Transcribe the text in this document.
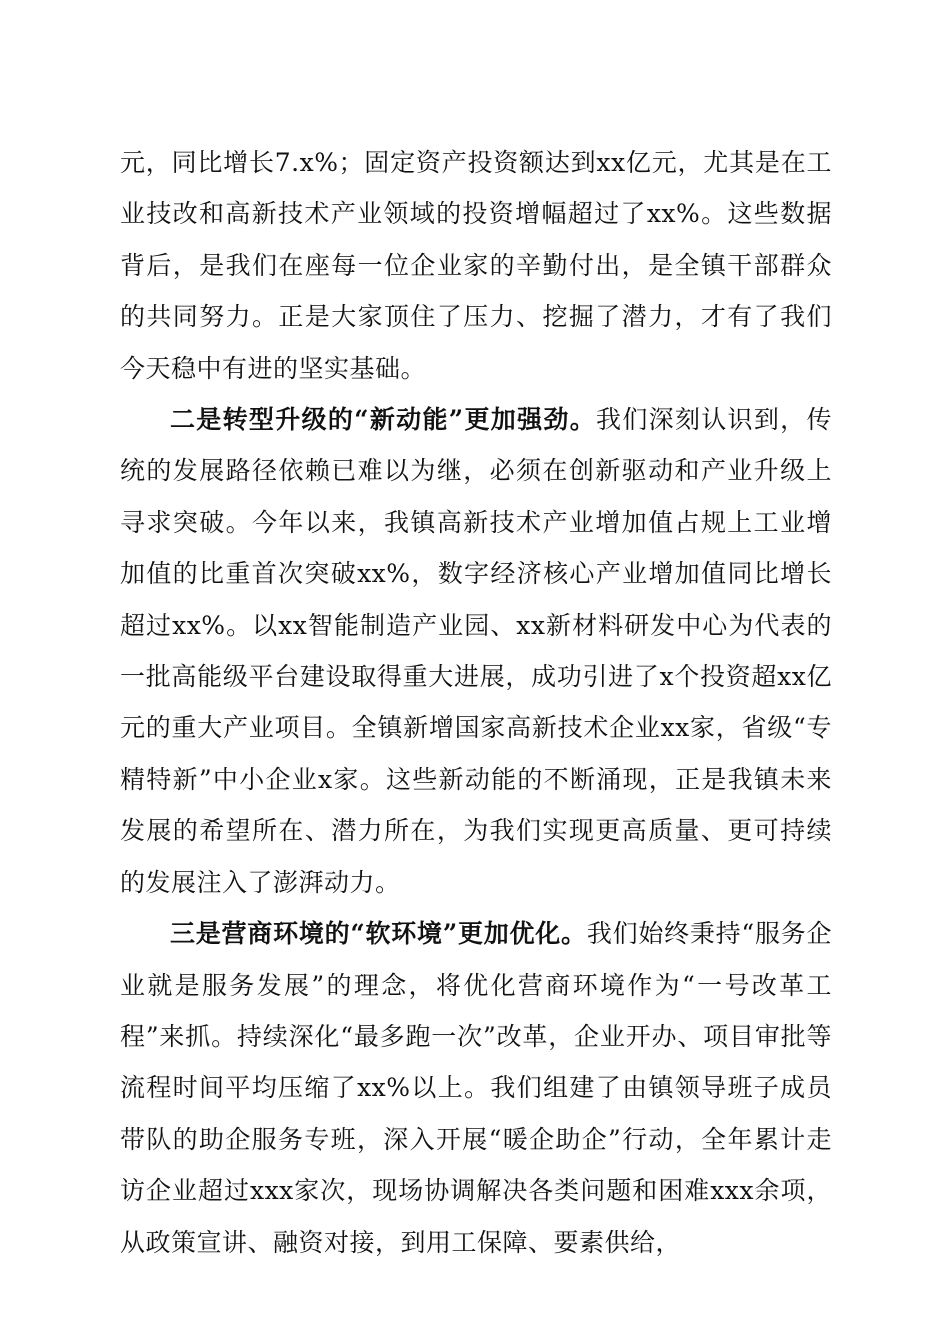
元，同比增长7.x%；固定资产投资额达到xx亿元，尤其是在工业技改和高新技术产业领域的投资增幅超过了xx%。这些数据背后，是我们在座每一位企业家的辛勤付出，是全镇干部群众的共同努力。正是大家顶住了压力、挖掘了潜力，才有了我们今天稳中有进的坚实基础。

二是转型升级的“新动能”更加强劲。我们深刻认识到，传统的发展路径依赖已难以为继，必须在创新驱动和产业升级上寻求突破。今年以来，我镇高新技术产业增加值占规上工业增加值的比重首次突破xx%，数字经济核心产业增加值同比增长超过xx%。以xx智能制造产业园、xx新材料研发中心为代表的一批高能级平台建设取得重大进展，成功引进了x个投资超xx亿元的重大产业项目。全镇新增国家高新技术企业xx家，省级“专精特新”中小企业x家。这些新动能的不断涌现，正是我镇未来发展的希望所在、潜力所在，为我们实现更高质量、更可持续的发展注入了澎湃动力。

三是营商环境的“软环境”更加优化。我们始终秉持“服务企业就是服务发展”的理念，将优化营商环境作为“一号改革工程”来抓。持续深化“最多跑一次”改革，企业开办、项目审批等流程时间平均压缩了xx%以上。我们组建了由镇领导班子成员带队的助企服务专班，深入开展“暖企助企”行动，全年累计走访企业超过xxx家次，现场协调解决各类问题和困难xxx余项，从政策宣讲、融资对接，到用工保障、要素供给，
